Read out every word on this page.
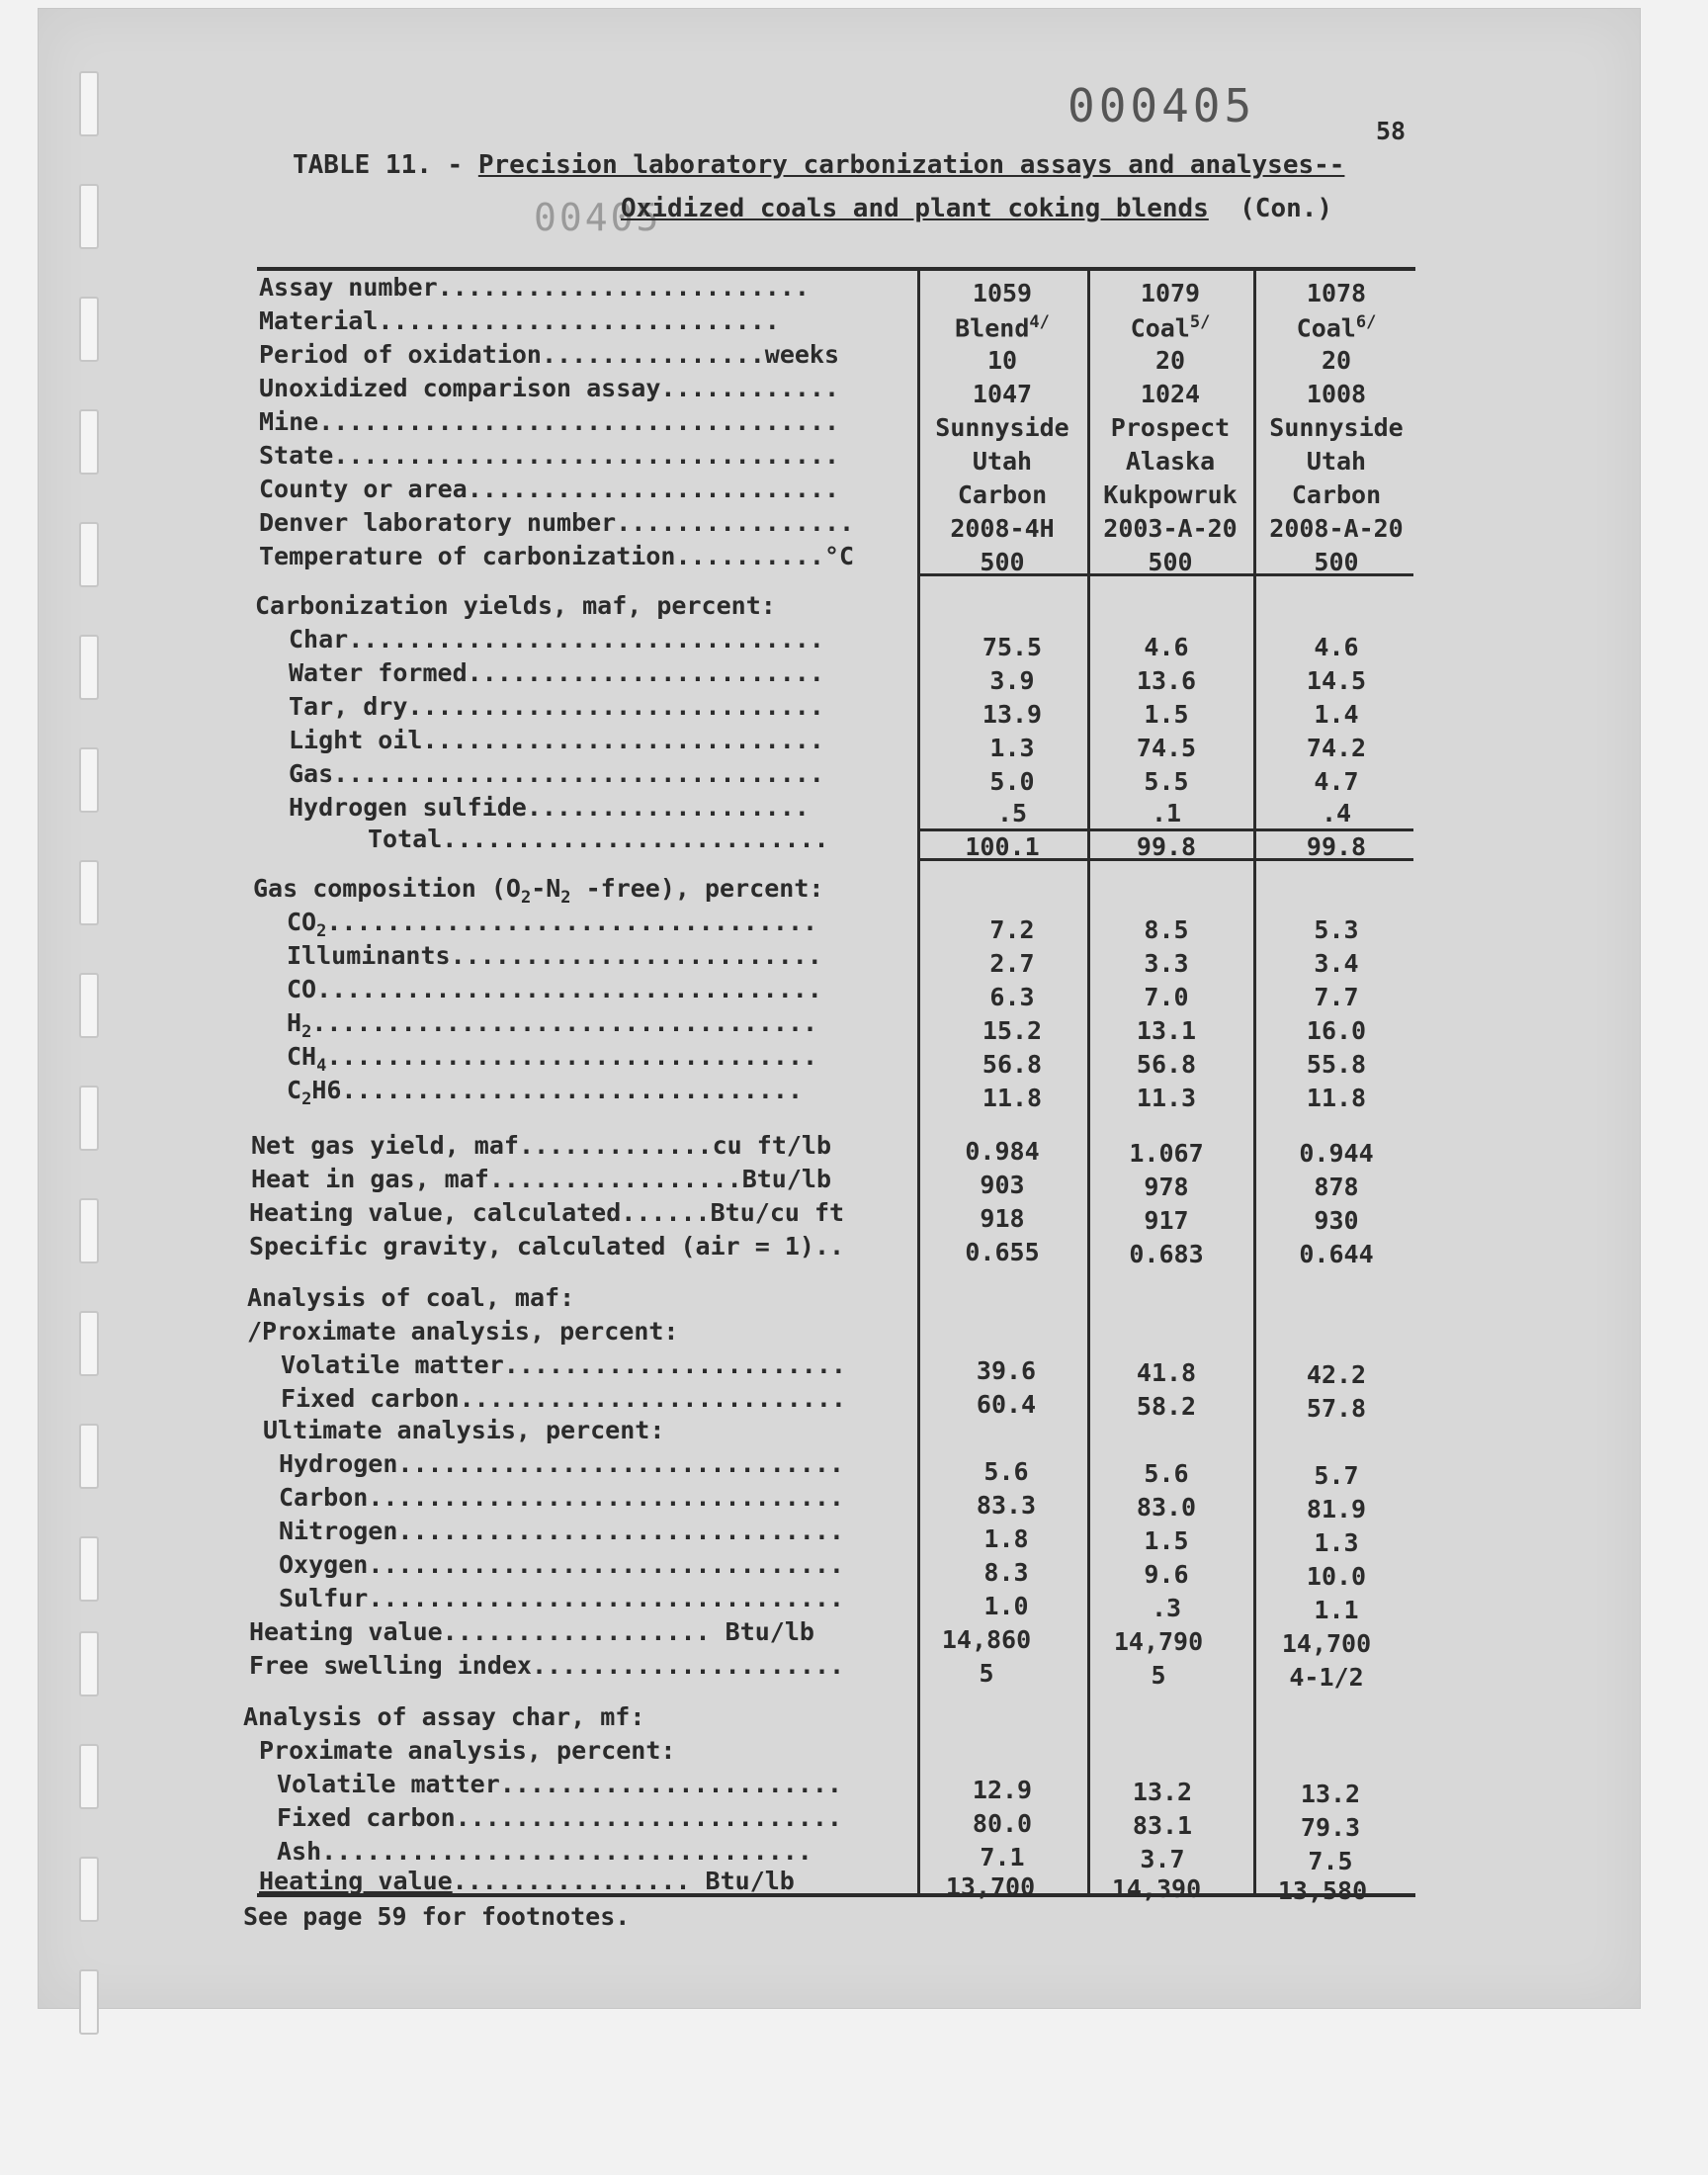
000405
00405
58
TABLE 11. - Precision laboratory carbonization assays and analyses--
Oxidized coals and plant coking blends (Con.)
Assay number.........................	1059	1079	1078
Material...........................	Blend$^{4/}$	Coal$^{5/}$	Coal$^{6/}$
Period of oxidation...............weeks	10	20	20
Unoxidized comparison assay............	1047	1024	1008
Mine...................................	Sunnyside	Prospect	Sunnyside
State..................................	Utah	Alaska	Utah
County or area.........................	Carbon	Kukpowruk	Carbon
Denver laboratory number................	2008-4H	2003-A-20	2008-A-20
Temperature of carbonization..........°C	500	500	500
Carbonization yields, maf, percent:
Char................................	75.5	4.6	4.6
Water formed........................	3.9	13.6	14.5
Tar, dry............................	13.9	1.5	1.4
Light oil...........................	1.3	74.5	74.2
Gas.................................	5.0	5.5	4.7
Hydrogen sulfide...................	.5	.1	.4
Total..........................	100.1	99.8	99.8
Gas composition ($O_2-N_2$ -free), percent:
$CO_2$.................................	7.2	8.5	5.3
Illuminants.........................	2.7	3.3	3.4
CO..................................	6.3	7.0	7.7
$H_2$..................................	15.2	13.1	16.0
$CH_4$.................................	56.8	56.8	55.8
$C_2H6$...............................	11.8	11.3	11.8
Net gas yield, maf.............cu ft/lb	0.984	1.067	0.944
Heat in gas, maf.................Btu/lb	903	978	878
Heating value, calculated......Btu/cu ft	918	917	930
Specific gravity, calculated (air = 1)..	0.655	0.683	0.644
Analysis of coal, maf:
/Proximate analysis, percent:
Volatile matter.......................	39.6	41.8	42.2
Fixed carbon..........................	60.4	58.2	57.8
Ultimate analysis, percent:
Hydrogen..............................	5.6	5.6	5.7
Carbon................................	83.3	83.0	81.9
Nitrogen..............................	1.8	1.5	1.3
Oxygen................................	8.3	9.6	10.0
Sulfur................................	1.0	.3	1.1
Heating value.................. Btu/lb	14,860	14,790	14,700
Free swelling index.....................	5	5	4-1/2
Analysis of assay char, mf:
Proximate analysis, percent:
Volatile matter.......................	12.9	13.2	13.2
Fixed carbon..........................	80.0	83.1	79.3
Ash.................................	7.1	3.7	7.5
Heating value................ Btu/lb	13,700	14,390	13,580
See page 59 for footnotes.
